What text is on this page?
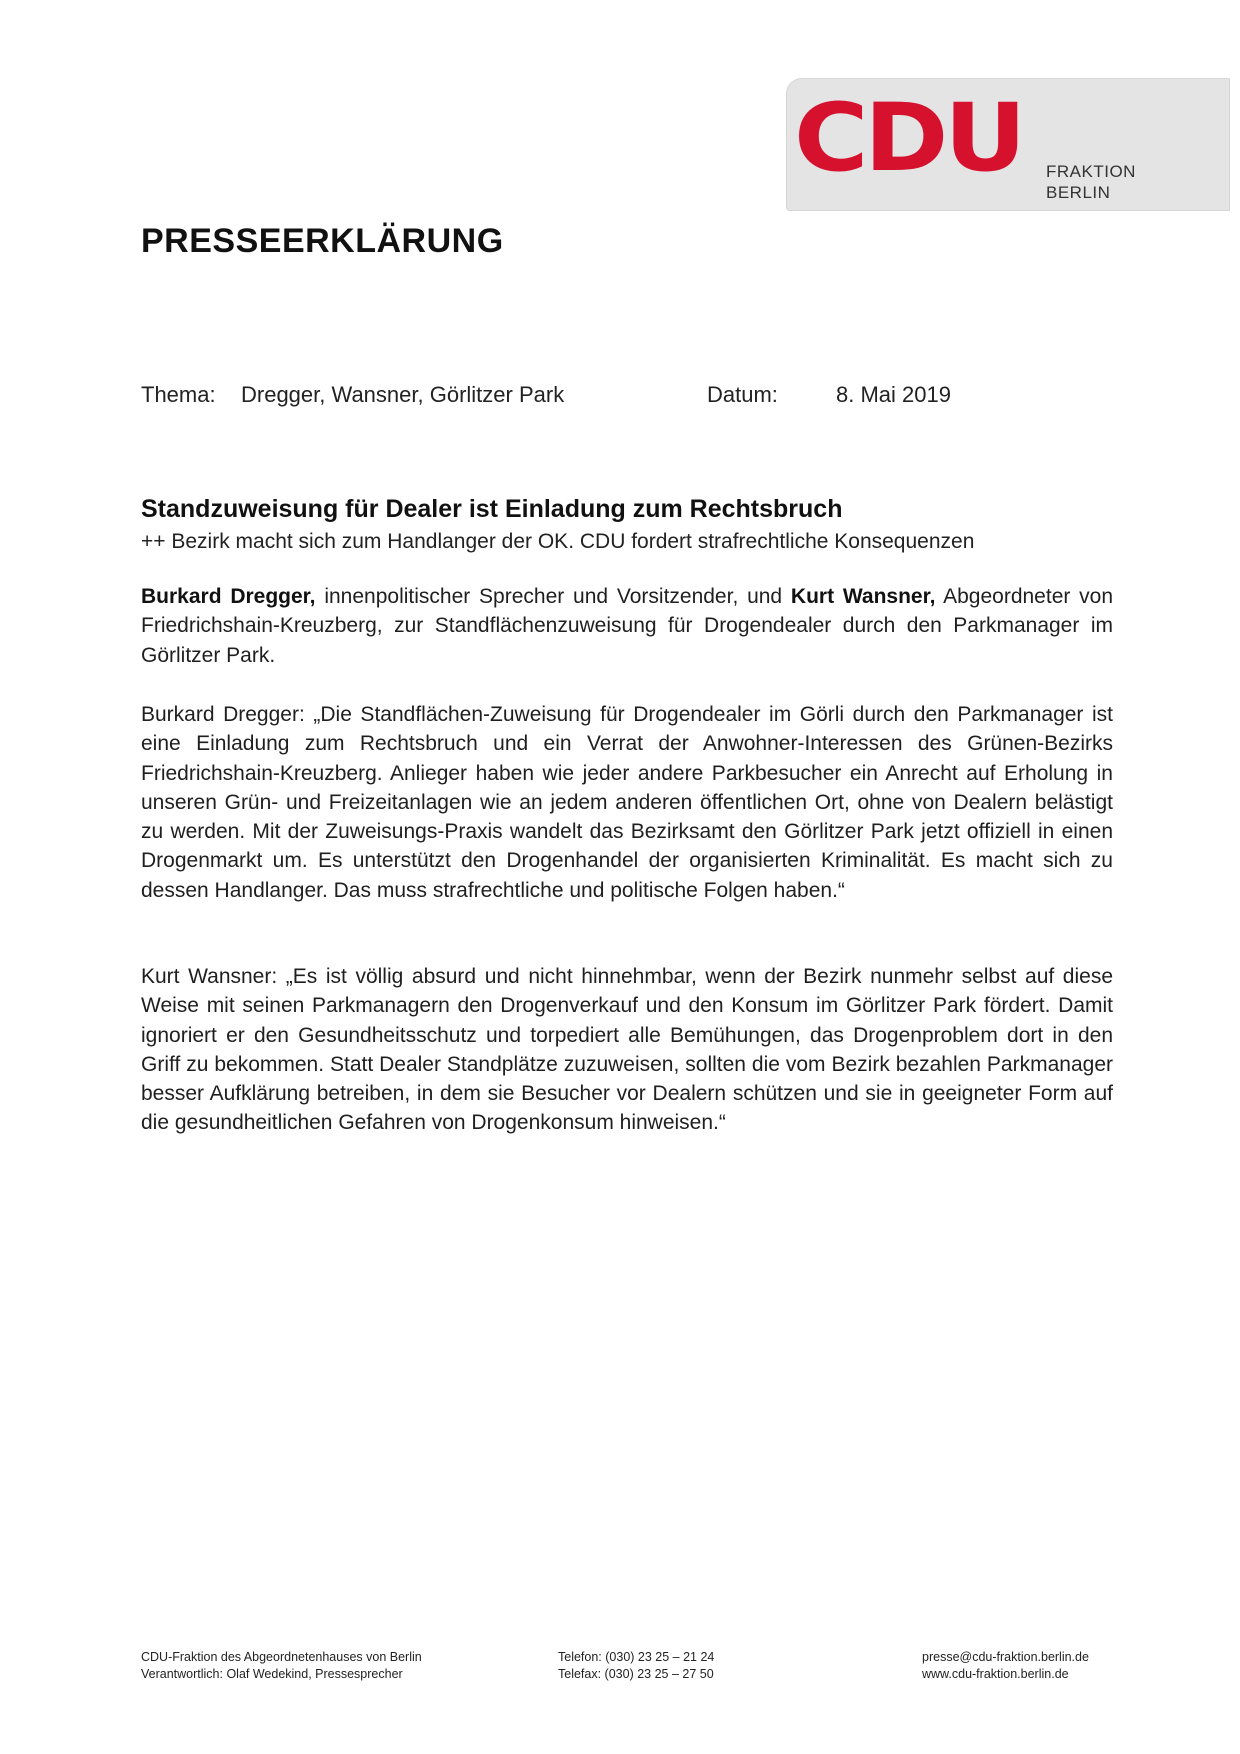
CDU FRAKTION
BERLIN
PRESSEERKLÄRUNG
Thema: Dregger, Wansner, Görlitzer Park	Datum:	8. Mai 2019
Standzuweisung für Dealer ist Einladung zum Rechtsbruch
++ Bezirk macht sich zum Handlanger der OK. CDU fordert strafrechtliche Konsequenzen

Burkard Dregger, innenpolitischer Sprecher und Vorsitzender, und Kurt Wansner, Abgeordneter von Friedrichshain-Kreuzberg, zur Standflächenzuweisung für Drogendealer durch den Parkmanager im Görlitzer Park.

Burkard Dregger: „Die Standflächen-Zuweisung für Drogendealer im Görli durch den Parkmanager ist eine Einladung zum Rechtsbruch und ein Verrat der Anwohner-Interessen des Grünen-Bezirks Friedrichshain-Kreuzberg. Anlieger haben wie jeder andere Parkbesucher ein Anrecht auf Erholung in unseren Grün- und Freizeitanlagen wie an jedem anderen öffentlichen Ort, ohne von Dealern belästigt zu werden. Mit der Zuweisungs-Praxis wandelt das Bezirksamt den Görlitzer Park jetzt offiziell in einen Drogenmarkt um. Es unterstützt den Drogenhandel der organisierten Kriminalität. Es macht sich zu dessen Handlanger. Das muss strafrechtliche und politische Folgen haben.“

Kurt Wansner: „Es ist völlig absurd und nicht hinnehmbar, wenn der Bezirk nunmehr selbst auf diese Weise mit seinen Parkmanagern den Drogenverkauf und den Konsum im Görlitzer Park fördert. Damit ignoriert er den Gesundheitsschutz und torpediert alle Bemühungen, das Drogenproblem dort in den Griff zu bekommen. Statt Dealer Standplätze zuzuweisen, sollten die vom Bezirk bezahlen Parkmanager besser Aufklärung betreiben, in dem sie Besucher vor Dealern schützen und sie in geeigneter Form auf die gesundheitlichen Gefahren von Drogenkonsum hinweisen.“

CDU-Fraktion des Abgeordnetenhauses von Berlin
Verantwortlich: Olaf Wedekind, Pressesprecher
Telefon: (030) 23 25 – 21 24
Telefax: (030) 23 25 – 27 50
presse@cdu-fraktion.berlin.de
www.cdu-fraktion.berlin.de
